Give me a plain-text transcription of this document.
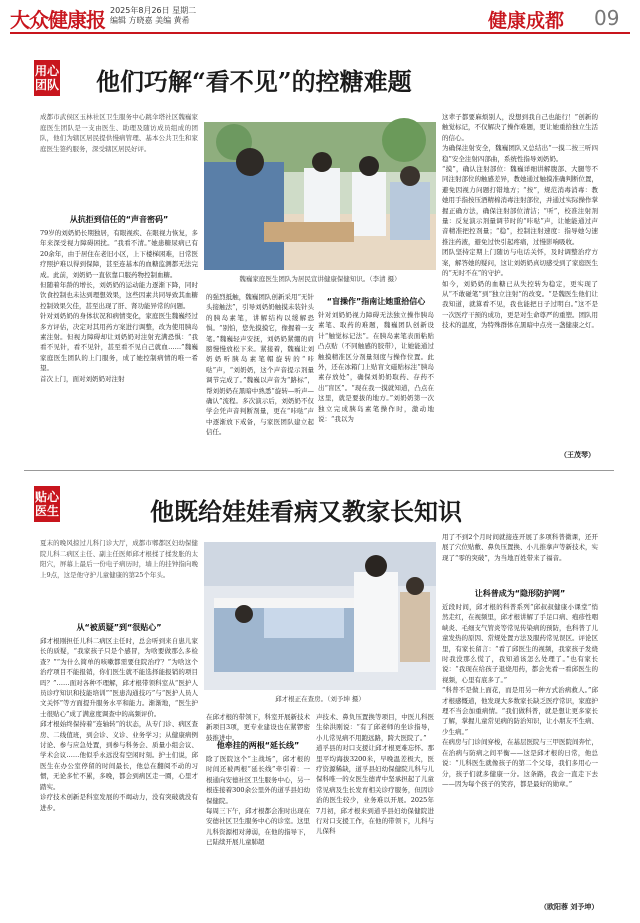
大众健康报 2025年8月26日 星期二
编辑 方晓嘉 美编 黄希	健康成都 09
用心团队 他们巧解“看不见”的控糖难题
成都市武侯区玉林社区卫生服务中心跳伞塔社区魏巍家庭医生团队是一支由医生、助理及随访成员组成的团队，他们为辖区居民提供慢病管理、基本公共卫生和家庭医生签约服务，深受辖区居民好评。
从抗拒到信任的“声音密码”
79岁的刘奶奶长期独居，有眼视疾、在眼视力恢复，多年来深受视力障碍困扰。“我看不清。”她患糖尿病已有20余年，由于居住在老旧小区，上下楼梯困难，日常医疗照护难以得到保障，甚至连基本的血糖监测都无法完成。此前，刘奶奶一直依靠口服药物控制血糖。
但随着年龄的增长，刘奶奶的运动能力逐渐下降，同时饮食控制也未达到理想效果，这些因素共同导致其血糖控制效果欠佳，甚至出现了肝、肾功能异常的问题。
针对刘奶奶的身体状况和病情变化，家庭医生魏巍经过多方评估，决定对其用药方案进行调整，改为使用胰岛素注射。但视力障碍却让刘奶奶对注射充满恐惧：“我看不见针，看不见针，甚至看不见自己就血……”魏巍家庭医生团队的上门服务，成了她控制病情的唯一希望。
首次上门，面对刘奶奶对注射
魏巍家庭医生团队为居民宣讲健康保健知识。（李清 摄）
的强烈抵触，魏巍团队创新采用“无针头接触法”，引导刘奶奶触摸未装针头的胰岛素笔，讲解结构以缓解恐惧。“别怕，您先摸摸它，像握着一支笔。”魏巍轻声安抚，刘奶奶紧绷的肩膀慢慢放松下来。紧接着，魏巍让刘奶奶听胰岛素笔帽旋转的“咔哒”声，“刘奶奶，这个声音提示剂量调节完成了。”魏巍以声音为“路标”，帮刘奶奶在黑暗中熟悉“旋转—听声—确认”流程。多次演示后，刘奶奶不仅学会凭声音判断剂量，更在“咔哒”声中逐渐放下戒备，与家医团队建立起信任。
“盲操作”指南让她重拾信心
针对刘奶奶视力障碍无法独立操作胰岛素笔、取药的难题，魏巍团队创新设计“触觉标记法”。在胰岛素笔表面粘贴凸点贴（不同触感的胶带），让她能通过触摸精准区分剂量刻度与操作位置。此外，还在冰箱门上贴盲文磁贴标注“胰岛素存放处”，确保刘奶奶取药、存药不出“盲区”。“现在我一摸就知道，凸点在这里，就是要拔的地方。”刘奶奶第一次独立完成胰岛素笔操作时，激动地说：“我以为
这辈子都要麻烦别人，没想到我自己也能行！”创新的触觉标记，不仅解决了操作难题，更让她重拾独立生活的信心。
为确保注射安全，魏巍团队又总结出“一摸二按三听四稳”安全注射四部曲，系统性指导刘奶奶。
“摸”，确认注射部位：魏巍详细讲解腹部、大腿等不同注射部位的触感差异，教她通过触摸准确判断位置，避免因视力问题打错地方；“按”，规范消毒消毒：教她用手指按压酒精棉消毒注射部位，并通过实际操作掌握正确方法，确保注射部位清洁；“听”，校准注射剂量：反复演示剂量调节时的“咔哒”声，让她能通过声音精准把控剂量；“稳”，控制注射速度：指导她匀速推注药液，避免过快引起疼痛，过慢影响吸收。
团队坚持定期上门随访与电话关怀，及时调整治疗方案，解答她的疑问，这让刘奶奶真切感受到了家庭医生的“无时不在”的守护。
如今，刘奶奶的血糖已从失控转为稳定，更实现了从“不敢碰笔”到“独立注射”的改变。“是魏医生他们让我知道，就算看不见，我也能把日子过明白。”这不是一次医疗干预的成功，更是对生命尊严的重塑。团队用技术的温度，为特殊群体在黑暗中点亮一盏健康之灯。
（王茂琴）
贴心医生	他既给娃娃看病又教家长知识
夏末的晚风掠过儿科门诊大厅，成都市郫都区妇幼保健院儿科二病区主任、副主任医师邱才根揉了揉发胀的太阳穴，屏幕上最后一份电子病历时，墙上的挂钟指向晚上9点，这是他守护儿童健康的第25个年头。
从“被质疑”到“很贴心”
邱才根刚担任儿科二病区主任时，总会听到来自患儿家长的质疑，“我家孩子只是个感冒，为啥要做那么多检查？”“为什么简单的咳嗽都需要住院治疗？”为啥这个治疗项目不能报销，你们医生就不能选择能报销的项目吗？”……面对各种不理解，邱才根带领科室从“医护人员诊疗知识和技能培训”“医患沟通技巧”与“医护人员人文关怀”等方面提升服务水平和能力。渐渐地，“医生护士很贴心”成了满意度调查中的高频评价。
邱才根始终保持着“连轴转”的状态，从专门诊、病区查房、二线值班，到会诊、义诊、业务学习；从健康病例讨论、参与应急处置，到参与科务会、质量小组会议、学术会议……他似乎永远没有空闲时刻。护士们说，邱医生在办公室停留的时间最长，他总在翻阅不动的习惯，无论多忙不累，多晚，都会到病区走一圈，心里才踏实。
诊疗技术创新是科室发展的不竭动力，没有突破就没有进步。
邱才根正在查房。（刘予坤 摄）
在邱才根的带领下，科室开展新技术新项目3项，更专业建设也在紧锣密鼓推进中。
他牵挂的两根“延长线”
除了医院这个“主战场”，邱才根的时间还被两根“延长线”牵引着：一根通向安德社区卫生服务中心，另一根连接着300余公里外的道孚县妇幼保健院。
每周三下午，邱才根都会准时出现在安德社区卫生服务中心的诊室。这里儿科资源相对薄弱，在他的指导下，已陆续开展儿童肺超
声技术、鼻负压置换等项目，中医儿科医生徐洪刚说：“有了邱老师的坐诊指导，小儿常见病不用跑远路，跨大医院了。”
道孚县的对口支援让邱才根更难忘怀。那里平均海拔3200米，早晚温差极大，医疗资源稀缺，道孚县妇幼保健院儿科与儿保科唯一的女医生德青中坚承担起了儿童常见病及生长发育相关诊疗服务，但因诊治的医生较少，业务难以开展。2025年7月初，邱才根来到道孚县妇幼保健院进行对口支援工作，在他的带领下，儿科与儿保科
用了不到2个月时间就接连开展了多项科普微课，还开展了穴位贴敷、鼻负压置换、小儿推拿声等新技术，实现了“零的突破”，为当地百姓带来了福音。
让科普成为“隐形防护网”
近段时间，邱才根的科普系列“邱叔叔健康小课堂”悄然走红，在视频里，邱才根讲解了手足口病、疱疹性咽峡炎、毛细支气管炎等常见传染病的预防，也科普了儿童发热的原因、常规处置方法及服药常见误区。评论区里，有家长留言：“看了邱医生的视频，我家孩子发烧时我没那么慌了，我知道该怎么处理了。”也有家长说：“我现在给孩子退烧用药，都会先看一看邱医生的视频，心里有底多了。”
“科普不是做上面花，而是用另一种方式治病救人。”邱才根感慨道，他发现大多数家长缺乏医疗常识，家庭护理不当会加重病情。“我们做科普，就是想让更多家长了解，掌握儿童常见病的防治知识，让小朋友不生病、少生病。”
在病房与门诊间穿梭，在基层医院与三甲医院间奔忙，在治病与防病之间平衡——这是邱才根的日常，他总说：“儿科医生就像孩子的第二个父母，我们多用心一分，孩子们就多健康一分。这条路，我会一直走下去——因为每个孩子的笑容，都是最好的勋章。”
（欧阳蓉 刘予坤）
